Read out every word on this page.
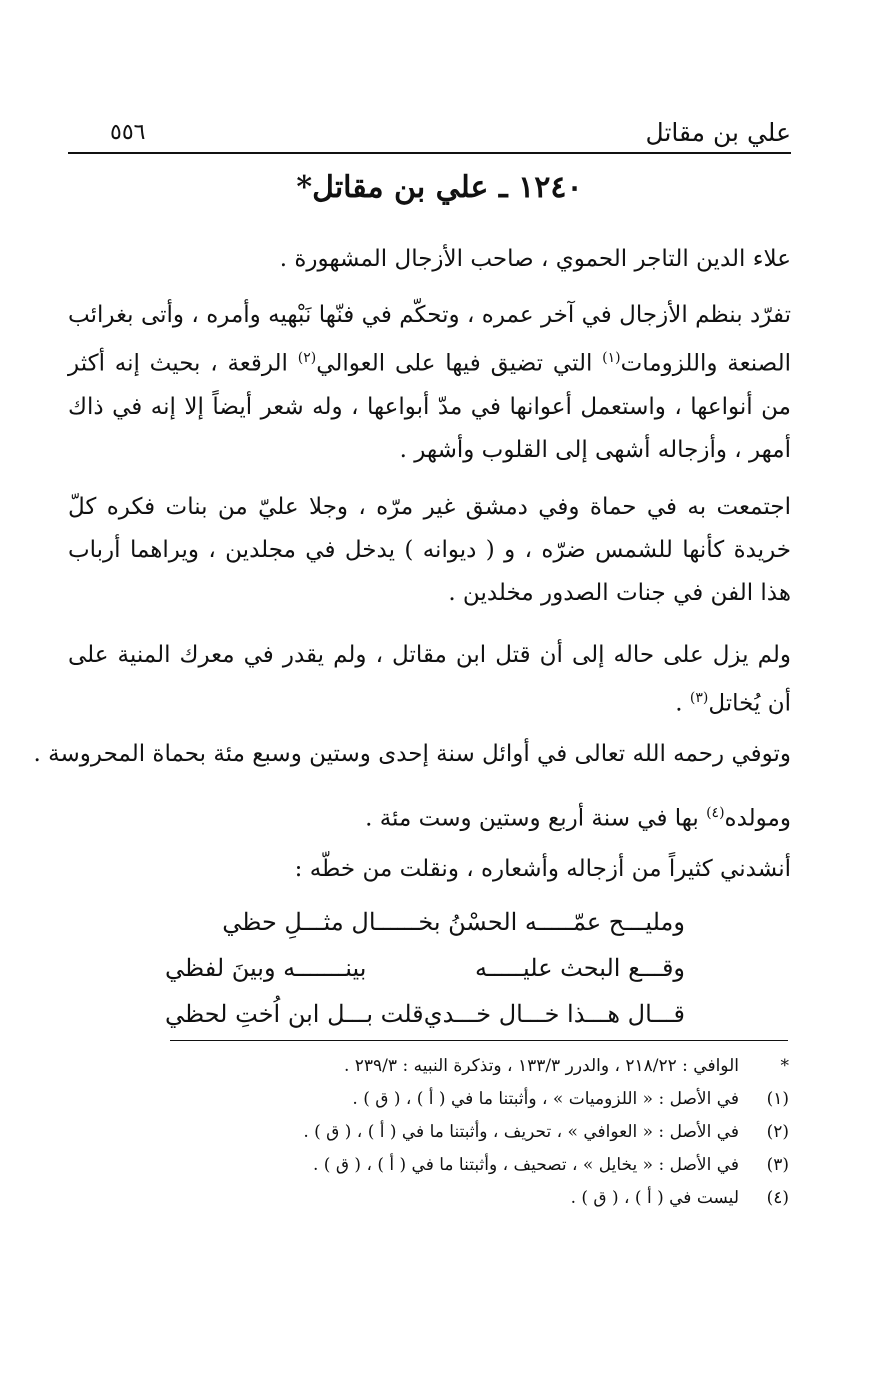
علي بن مقاتل
٥٥٦
١٢٤٠ ـ علي بن مقاتل*
علاء الدين التاجر الحموي ، صاحب الأزجال المشهورة .
تفرّد بنظم الأزجال في آخر عمره ، وتحكّم في فنّها نَبْهيه وأمره ، وأتى بغرائب الصنعة واللزومات$^{(١)}$ التي تضيق فيها على العوالي$^{(٢)}$ الرقعة ، بحيث إنه أكثر من أنواعها ، واستعمل أعوانها في مدّ أبواعها ، وله شعر أيضاً إلا إنه في ذاك أمهر ، وأزجاله أشهى إلى القلوب وأشهر .
اجتمعت به في حماة وفي دمشق غير مرّه ، وجلا عليّ من بنات فكره كلّ خريدة كأنها للشمس ضرّه ، و ( ديوانه ) يدخل في مجلدين ، ويراهما أرباب هذا الفن في جنات الصدور مخلدين .
ولم يزل على حاله إلى أن قتل ابن مقاتل ، ولم يقدر في معرك المنية على أن يُخاتل$^{(٣)}$ .
وتوفي رحمه الله تعالى في أوائل سنة إحدى وستين وسبع مئة بحماة المحروسة .
ومولده$^{(٤)}$ بها في سنة أربع وستين وست مئة .
أنشدني كثيراً من أزجاله وأشعاره ، ونقلت من خطّه :
ومليـــح عمّـــــه الحسْنُ بخــــــال مثـــلِ حظي
وقـــع البحث عليـــــه
بينـــــــه وبينَ لفظي
قـــال هـــذا خـــال خـــدي
قلت بـــل ابن اُختِ لحظي
*
الوافي : ٢١٨/٢٢ ، والدرر ١٣٣/٣ ، وتذكرة النبيه : ٢٣٩/٣ .
(١)
في الأصل : « اللزوميات » ، وأثبتنا ما في ( أ ) ، ( ق ) .
(٢)
في الأصل : « العوافي » ، تحريف ، وأثبتنا ما في ( أ ) ، ( ق ) .
(٣)
في الأصل : « يخايل » ، تصحيف ، وأثبتنا ما في ( أ ) ، ( ق ) .
(٤)
ليست في ( أ ) ، ( ق ) .
